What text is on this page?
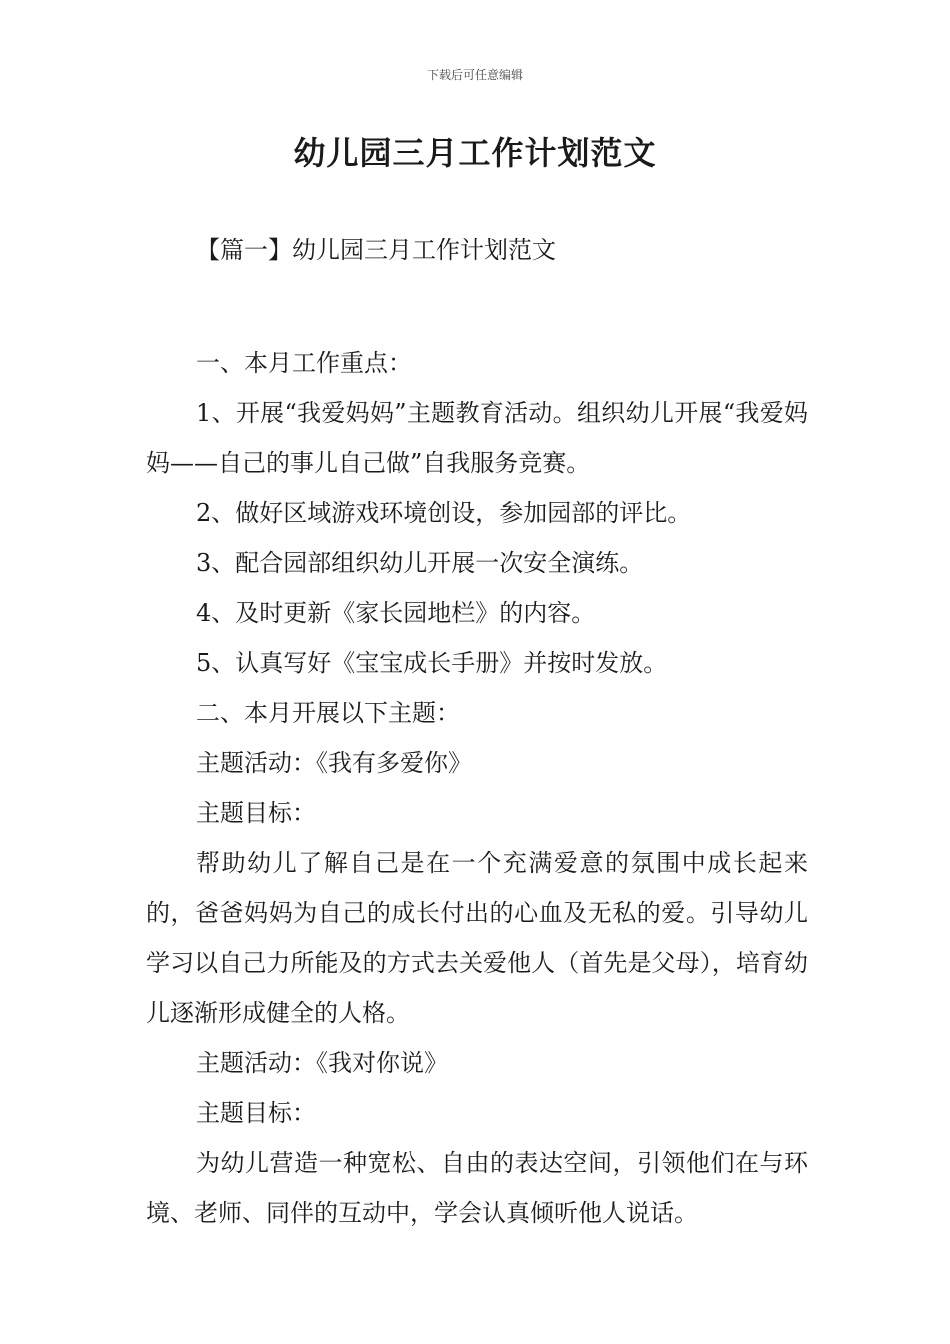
下载后可任意编辑
幼儿园三月工作计划范文
【篇一】幼儿园三月工作计划范文

一、本月工作重点：

1、开展“我爱妈妈”主题教育活动。组织幼儿开展“我爱妈妈——自己的事儿自己做”自我服务竞赛。

2、做好区域游戏环境创设，参加园部的评比。

3、配合园部组织幼儿开展一次安全演练。

4、及时更新《家长园地栏》的内容。

5、认真写好《宝宝成长手册》并按时发放。

二、本月开展以下主题：

主题活动：《我有多爱你》

主题目标：

帮助幼儿了解自己是在一个充满爱意的氛围中成长起来的，爸爸妈妈为自己的成长付出的心血及无私的爱。引导幼儿学习以自己力所能及的方式去关爱他人（首先是父母），培育幼儿逐渐形成健全的人格。

主题活动：《我对你说》

主题目标：

为幼儿营造一种宽松、自由的表达空间，引领他们在与环境、老师、同伴的互动中，学会认真倾听他人说话。
